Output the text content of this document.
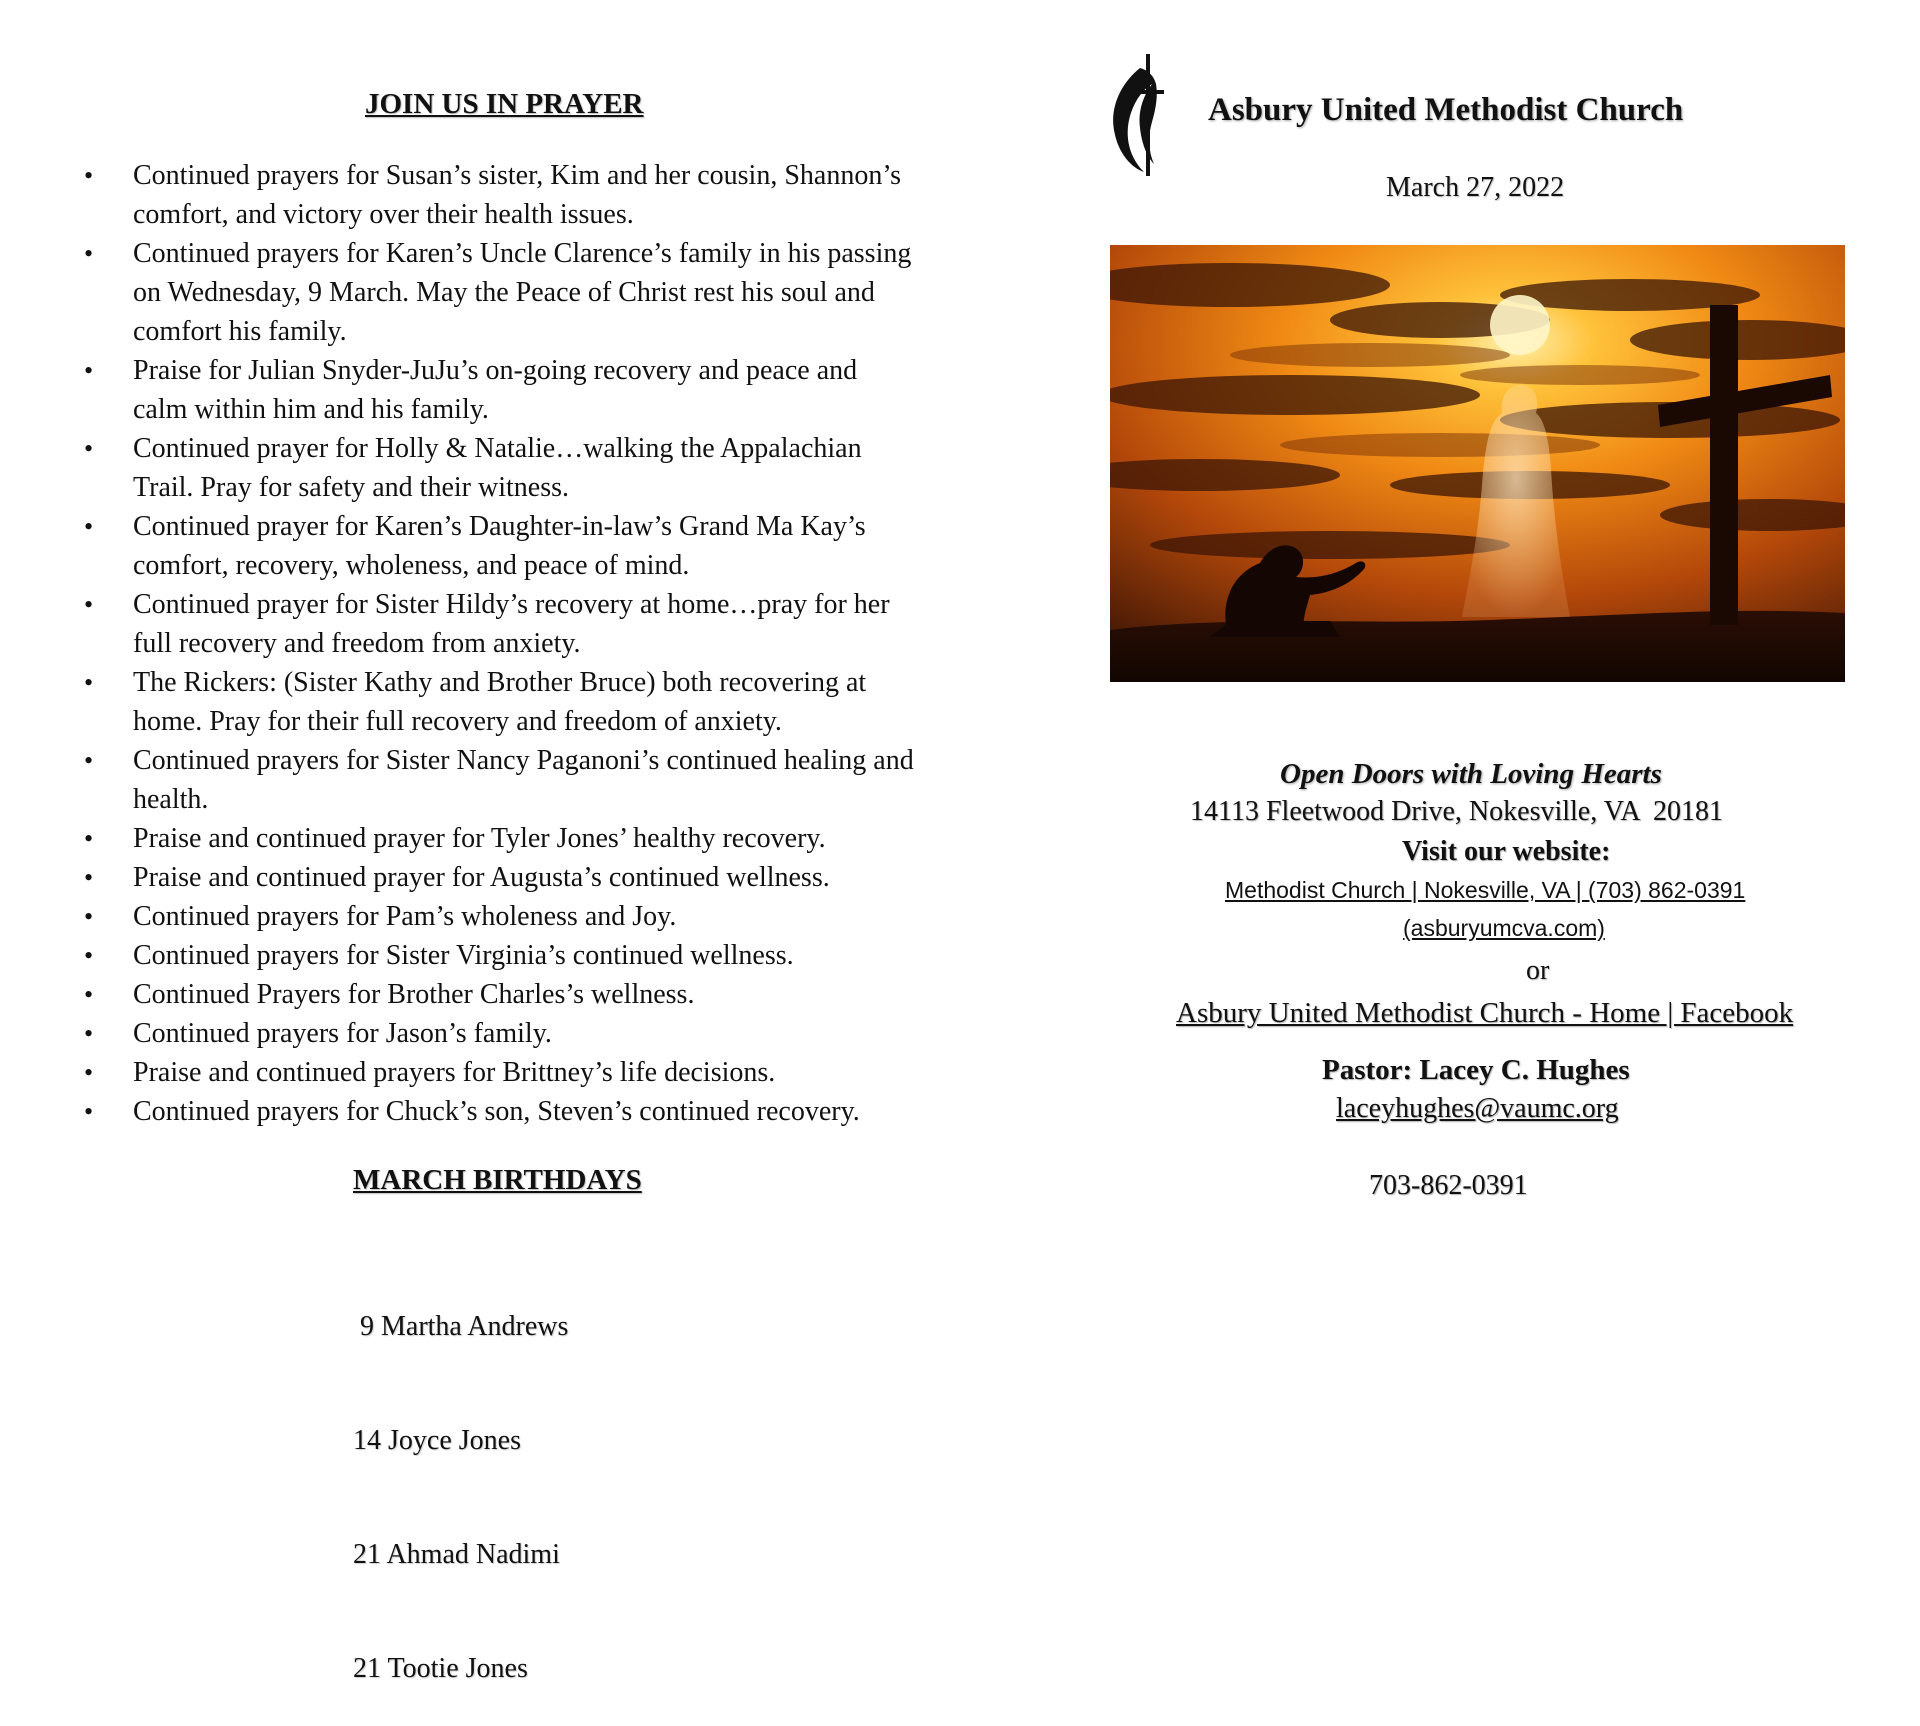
JOIN US IN PRAYER
• Continued prayers for Susan’s sister, Kim and her cousin, Shannon’s comfort, and victory over their health issues.
• Continued prayers for Karen’s Uncle Clarence’s family in his passing on Wednesday, 9 March. May the Peace of Christ rest his soul and comfort his family.
• Praise for Julian Snyder-JuJu’s on-going recovery and peace and calm within him and his family.
• Continued prayer for Holly & Natalie…walking the Appalachian Trail. Pray for safety and their witness.
• Continued prayer for Karen’s Daughter-in-law’s Grand Ma Kay’s comfort, recovery, wholeness, and peace of mind.
• Continued prayer for Sister Hildy’s recovery at home…pray for her full recovery and freedom from anxiety.
• The Rickers: (Sister Kathy and Brother Bruce) both recovering at home. Pray for their full recovery and freedom of anxiety.
• Continued prayers for Sister Nancy Paganoni’s continued healing and health.
• Praise and continued prayer for Tyler Jones’ healthy recovery.
• Praise and continued prayer for Augusta’s continued wellness.
• Continued prayers for Pam’s wholeness and Joy.
• Continued prayers for Sister Virginia’s continued wellness.
• Continued Prayers for Brother Charles’s wellness.
• Continued prayers for Jason’s family.
• Praise and continued prayers for Brittney’s life decisions.
• Continued prayers for Chuck’s son, Steven’s continued recovery.
MARCH BIRTHDAYS

9 Martha Andrews

14 Joyce Jones

21 Ahmad Nadimi

21 Tootie Jones

Asbury United Methodist Church
March 27, 2022
Open Doors with Loving Hearts
14113 Fleetwood Drive, Nokesville, VA  20181
Visit our website:
Methodist Church | Nokesville, VA | (703) 862-0391
(asburyumcva.com)
or
Asbury United Methodist Church - Home | Facebook
Pastor: Lacey C. Hughes
laceyhughes@vaumc.org
703-862-0391
